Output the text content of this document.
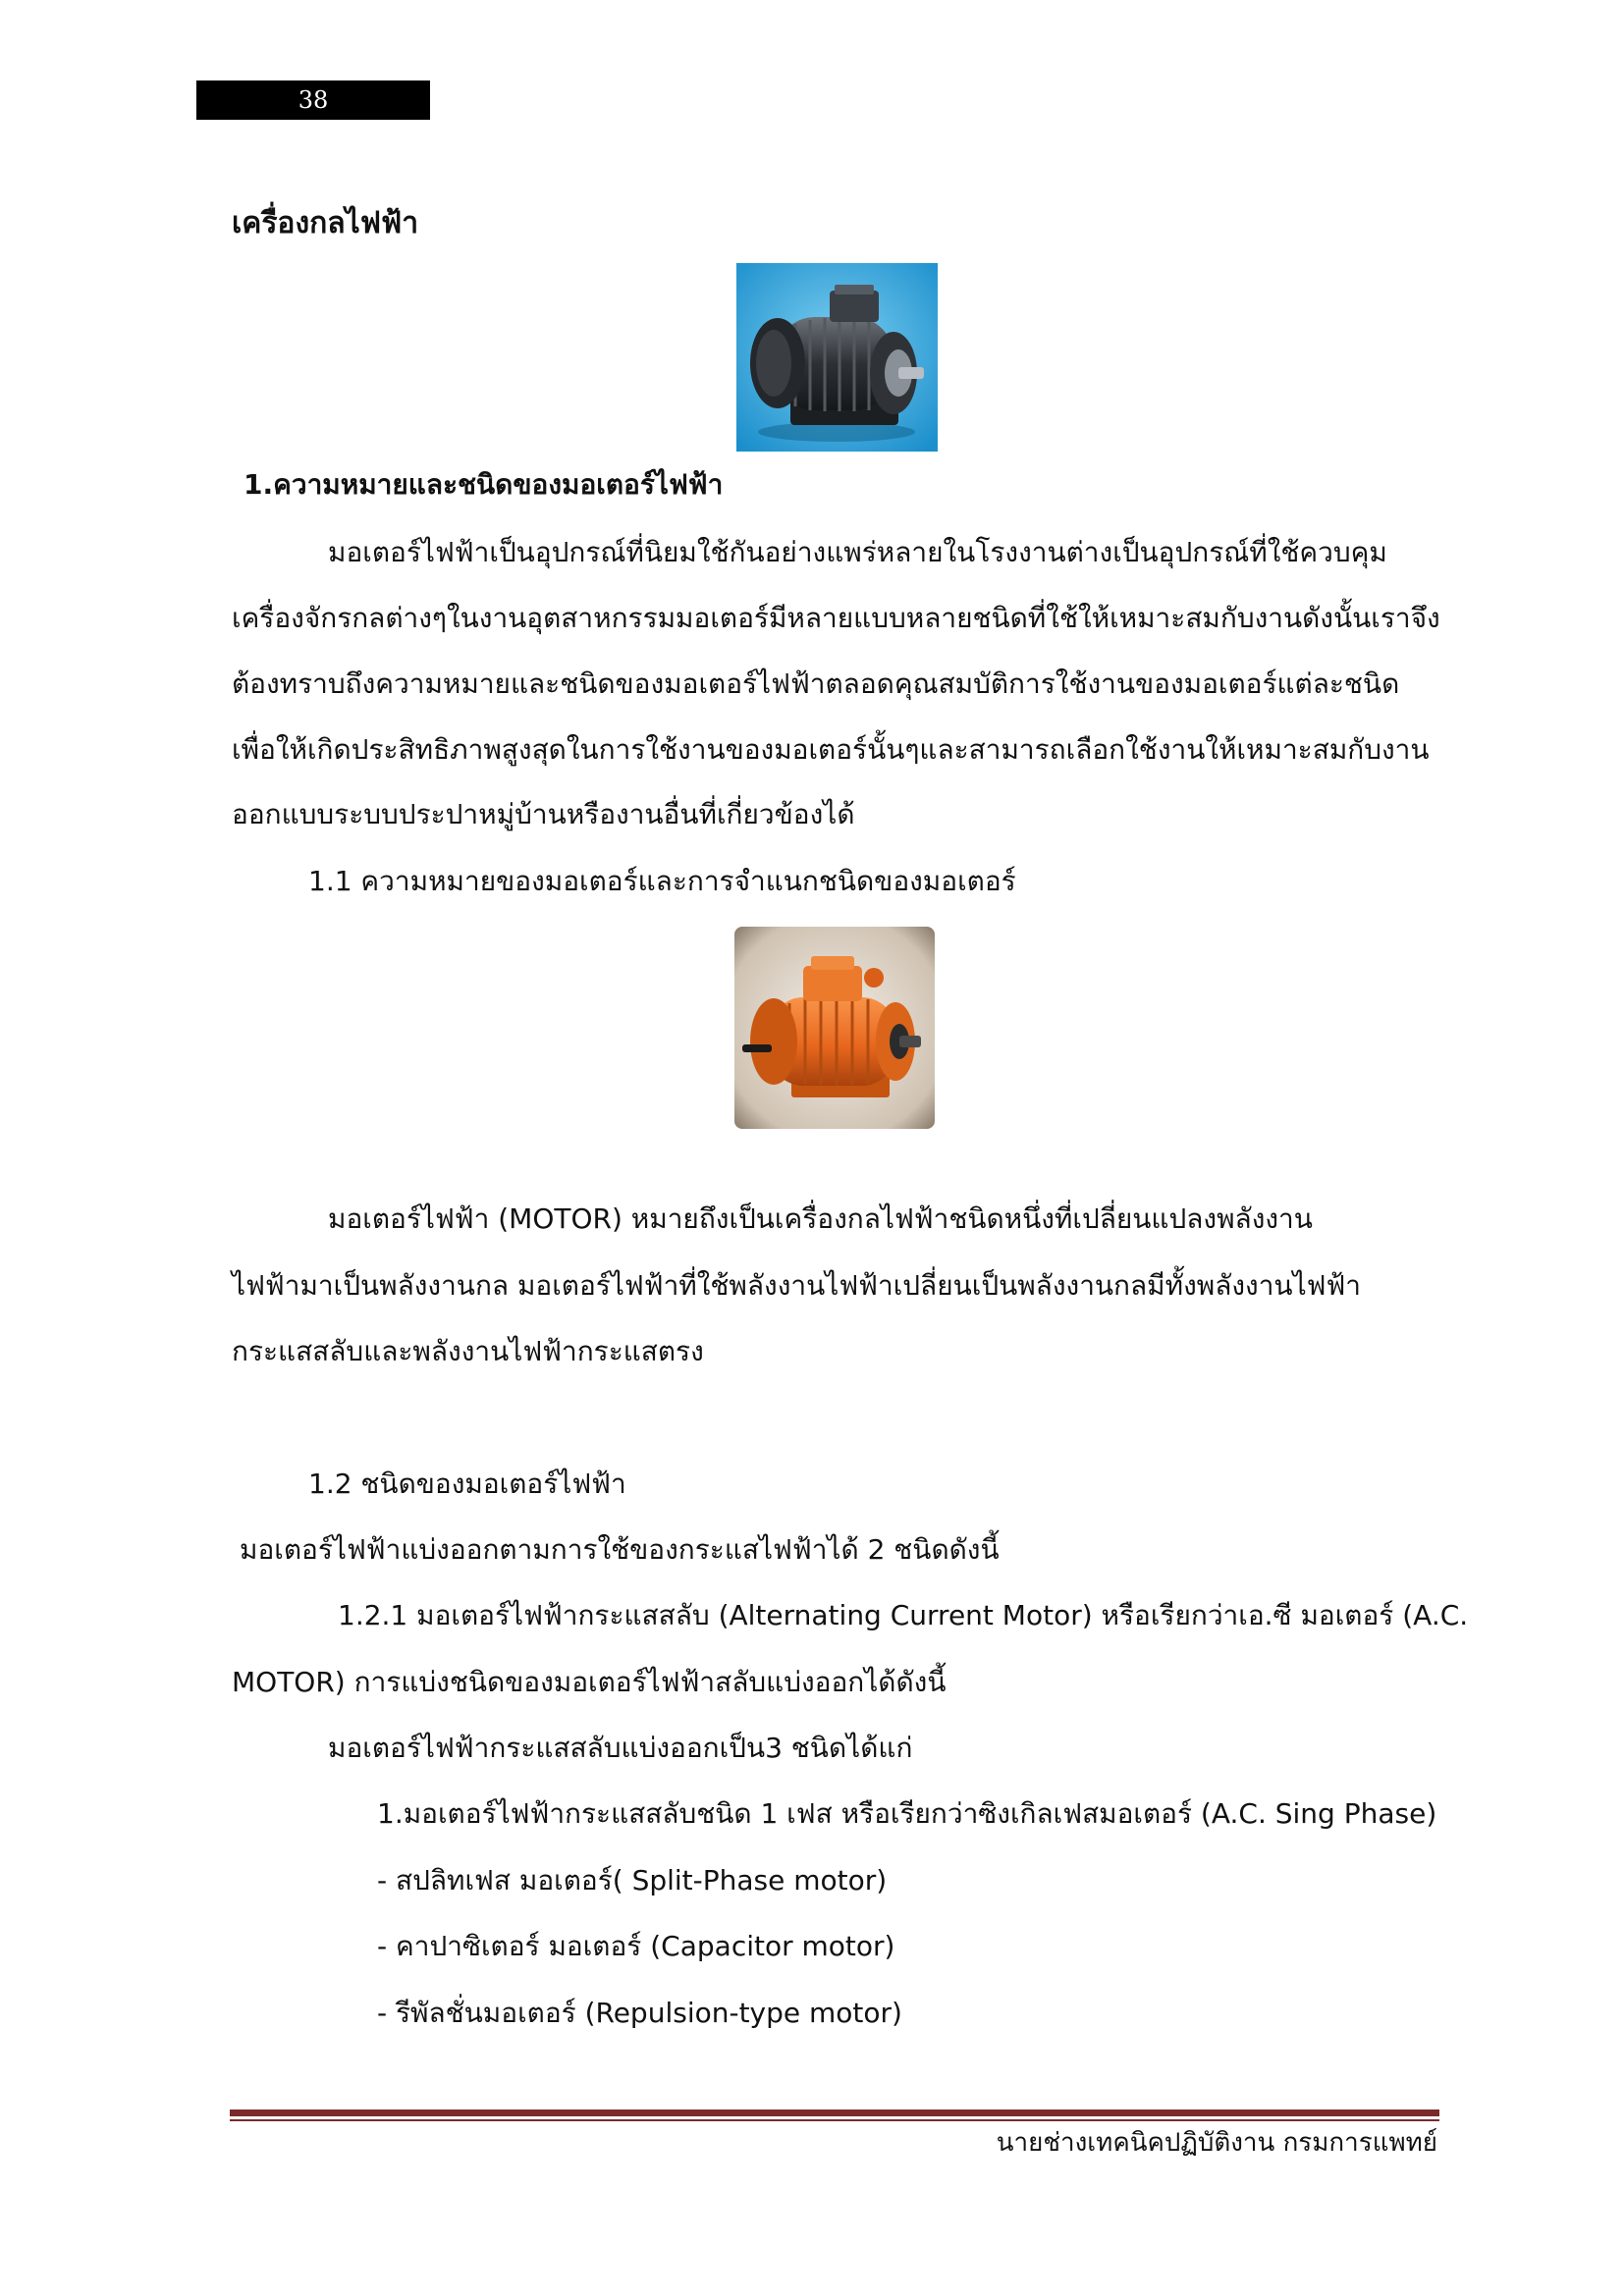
38
เครื่องกลไฟฟ้า
1.ความหมายและชนิดของมอเตอร์ไฟฟ้า
มอเตอร์ไฟฟ้าเป็นอุปกรณ์ที่นิยมใช้กันอย่างแพร่หลายในโรงงานต่างเป็นอุปกรณ์ที่ใช้ควบคุม
เครื่องจักรกลต่างๆในงานอุตสาหกรรมมอเตอร์มีหลายแบบหลายชนิดที่ใช้ให้เหมาะสมกับงานดังนั้นเราจึง
ต้องทราบถึงความหมายและชนิดของมอเตอร์ไฟฟ้าตลอดคุณสมบัติการใช้งานของมอเตอร์แต่ละชนิด
เพื่อให้เกิดประสิทธิภาพสูงสุดในการใช้งานของมอเตอร์นั้นๆและสามารถเลือกใช้งานให้เหมาะสมกับงาน
ออกแบบระบบประปาหมู่บ้านหรืองานอื่นที่เกี่ยวข้องได้
1.1 ความหมายของมอเตอร์และการจำแนกชนิดของมอเตอร์
มอเตอร์ไฟฟ้า (MOTOR) หมายถึงเป็นเครื่องกลไฟฟ้าชนิดหนึ่งที่เปลี่ยนแปลงพลังงาน
ไฟฟ้ามาเป็นพลังงานกล มอเตอร์ไฟฟ้าที่ใช้พลังงานไฟฟ้าเปลี่ยนเป็นพลังงานกลมีทั้งพลังงานไฟฟ้า
กระแสสลับและพลังงานไฟฟ้ากระแสตรง
1.2 ชนิดของมอเตอร์ไฟฟ้า
มอเตอร์ไฟฟ้าแบ่งออกตามการใช้ของกระแสไฟฟ้าได้ 2 ชนิดดังนี้
1.2.1 มอเตอร์ไฟฟ้ากระแสสลับ (Alternating Current Motor) หรือเรียกว่าเอ.ซี มอเตอร์ (A.C.
MOTOR) การแบ่งชนิดของมอเตอร์ไฟฟ้าสลับแบ่งออกได้ดังนี้
มอเตอร์ไฟฟ้ากระแสสลับแบ่งออกเป็น3 ชนิดได้แก่
1.มอเตอร์ไฟฟ้ากระแสสลับชนิด 1 เฟส หรือเรียกว่าซิงเกิลเฟสมอเตอร์ (A.C. Sing Phase)
- สปลิทเฟส มอเตอร์( Split-Phase motor)
- คาปาซิเตอร์ มอเตอร์ (Capacitor motor)
- รีพัลชั่นมอเตอร์ (Repulsion-type motor)
นายช่างเทคนิคปฏิบัติงาน กรมการแพทย์
